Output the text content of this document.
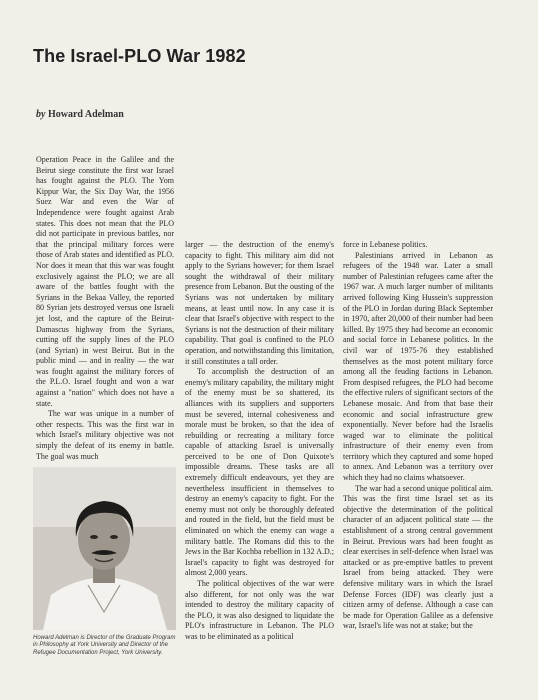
The Israel-PLO War 1982
by Howard Adelman

Operation Peace in the Galilee and the Beirut siege constitute the first war Israel has fought against the PLO. The Yom Kippur War, the Six Day War, the 1956 Suez War and even the War of Independence were fought against Arab states. This does not mean that the PLO did not participate in previous battles, nor that the principal military forces were those of Arab states and identified as PLO. Nor does it mean that this war was fought exclusively against the PLO; we are all aware of the battles fought with the Syrians in the Bekaa Valley, the reported 80 Syrian jets destroyed versus one Israeli jet lost, and the capture of the Beirut-Damascus highway from the Syrians, cutting off the supply lines of the PLO (and Syrian) in west Beirut. But in the public mind — and in reality — the war was fought against the military forces of the P.L.O. Israel fought and won a war against a "nation" which does not have a state.

The war was unique in a number of other respects. This was the first war in which Israel's military objective was not simply the defeat of its enemy in battle. The goal was much

Howard Adelman is Director of the Graduate Program in Philosophy at York University and Director of the Refugee Documentation Project, York University.

larger — the destruction of the enemy's capacity to fight. This military aim did not apply to the Syrians however; for them Israel sought the withdrawal of their military presence from Lebanon. But the ousting of the Syrians was not undertaken by military means, at least until now. In any case it is clear that Israel's objective with respect to the Syrians is not the destruction of their military capability. That goal is confined to the PLO operation, and notwithstanding this limitation, it still constitutes a tall order.

To accomplish the destruction of an enemy's military capability, the military might of the enemy must be so shattered, its alliances with its suppliers and supporters must be severed, internal cohesiveness and morale must be broken, so that the idea of rebuilding or recreating a military force capable of attacking Israel is universally perceived to be one of Don Quixote's impossible dreams. These tasks are all extremely difficult endeavours, yet they are nevertheless insufficient in themselves to destroy an enemy's capacity to fight. For the enemy must not only be thoroughly defeated and routed in the field, but the field must be eliminated on which the enemy can wage a military battle. The Romans did this to the Jews in the Bar Kochba rebellion in 132 A.D.; Israel's capacity to fight was destroyed for almost 2,000 years.

The political objectives of the war were also different, for not only was the war intended to destroy the military capacity of the PLO, it was also designed to liquidate the PLO's infrastructure in Lebanon. The PLO was to be eliminated as a political

force in Lebanese politics.

Palestinians arrived in Lebanon as refugees of the 1948 war. Later a small number of Palestinian refugees came after the 1967 war. A much larger number of militants arrived following King Hussein's suppression of the PLO in Jordan during Black September in 1970, after 20,000 of their number had been killed. By 1975 they had become an economic and social force in Lebanese politics. In the civil war of 1975-76 they established themselves as the most potent military force among all the feuding factions in Lebanon. From despised refugees, the PLO had become the effective rulers of significant sectors of the Lebanese mosaic. And from that base their economic and social infrastructure grew exponentially. Never before had the Israelis waged war to eliminate the political infrastructure of their enemy even from territory which they captured and some hoped to annex. And Lebanon was a territory over which they had no claims whatsoever.

The war had a second unique political aim. This was the first time Israel set as its objective the determination of the political character of an adjacent political state — the establishment of a strong central government in Beirut. Previous wars had been fought as clear exercises in self-defence when Israel was attacked or as pre-emptive battles to prevent Israel from being attacked. They were defensive military wars in which the Israel Defense Forces (IDF) was clearly just a citizen army of defense. Although a case can be made for Operation Galilee as a defensive war, Israel's life was not at stake; but the
